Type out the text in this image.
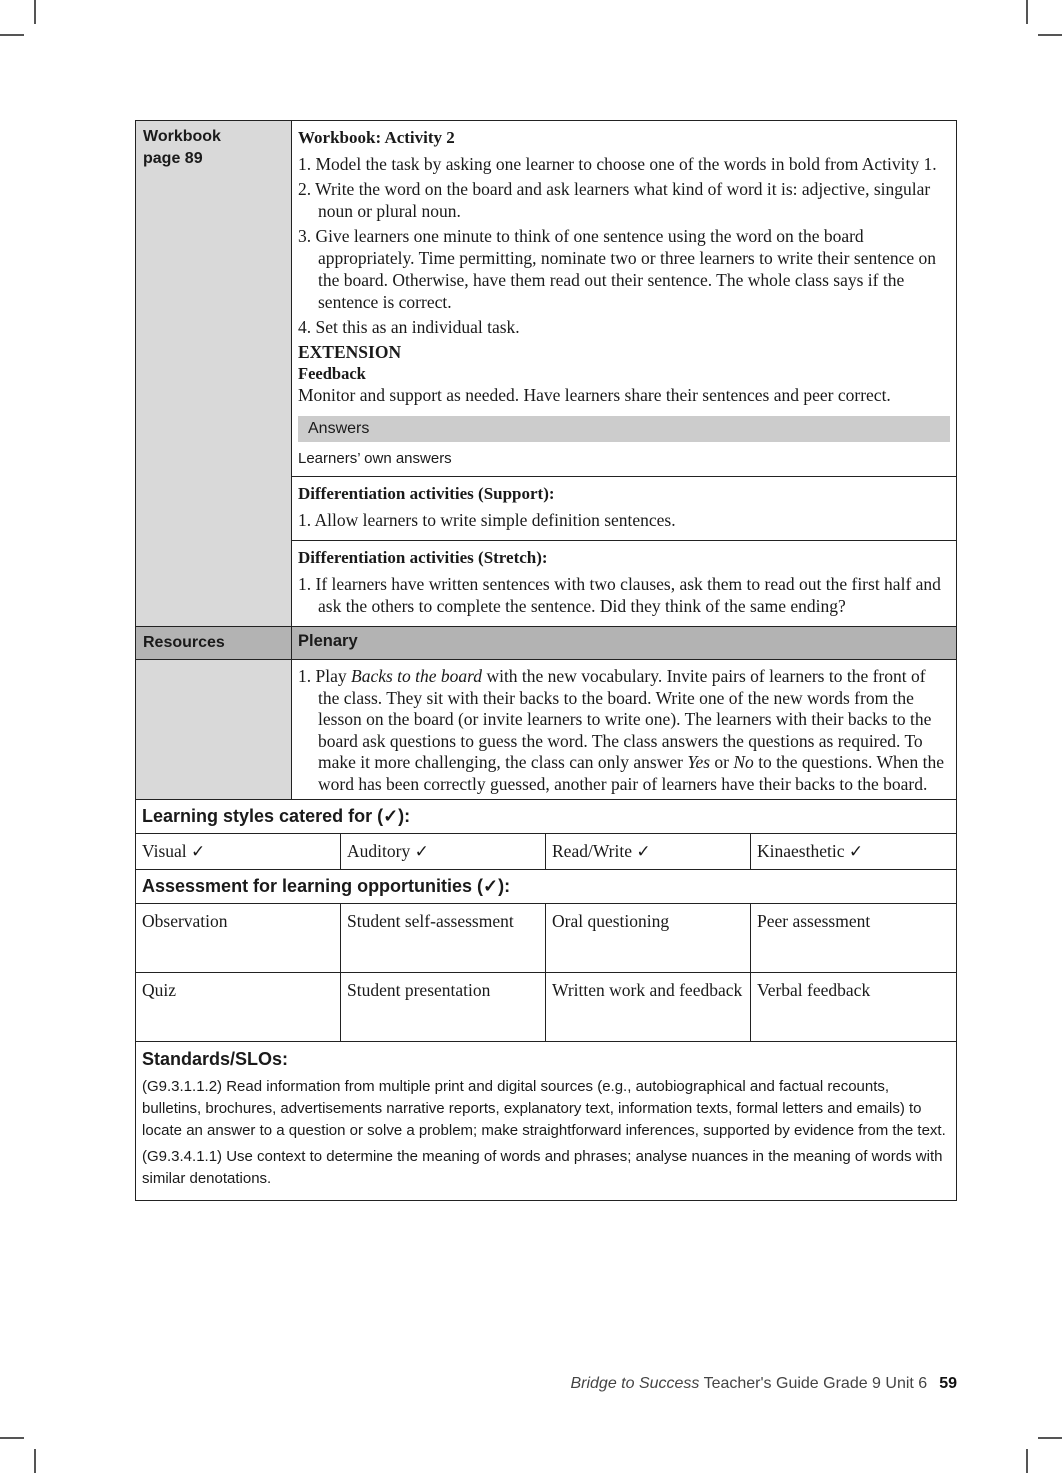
Workbook
page 89

Workbook: Activity 2
1. Model the task by asking one learner to choose one of the words in bold from Activity 1.
2. Write the word on the board and ask learners what kind of word it is: adjective, singular noun or plural noun.
3. Give learners one minute to think of one sentence using the word on the board appropriately. Time permitting, nominate two or three learners to write their sentence on the board. Otherwise, have them read out their sentence. The whole class says if the sentence is correct.
4. Set this as an individual task.
EXTENSION
Feedback
Monitor and support as needed. Have learners share their sentences and peer correct.
Answers
Learners’ own answers

Differentiation activities (Support):
1. Allow learners to write simple definition sentences.

Differentiation activities (Stretch):
1. If learners have written sentences with two clauses, ask them to read out the first half and ask the others to complete the sentence. Did they think of the same ending?

Resources	Plenary			

1. Play Backs to the board with the new vocabulary. Invite pairs of learners to the front of the class. They sit with their backs to the board. Write one of the new words from the lesson on the board (or invite learners to write one). The learners with their backs to the board ask questions to guess the word. The class answers the questions as required. To make it more challenging, the class can only answer Yes or No to the questions. When the word has been correctly guessed, another pair of learners have their backs to the board.

Learning styles catered for (✓):				
Visual ✓		Auditory ✓	Read/Write ✓	Kinaesthetic ✓
Assessment for learning opportunities (✓):				
Observation		Student self-assessment	Oral questioning	Peer assessment
Quiz		Student presentation	Written work and feedback	Verbal feedback

Standards/SLOs:

(G9.3.1.1.2) Read information from multiple print and digital sources (e.g., autobiographical and factual recounts, bulletins, brochures, advertisements narrative reports, explanatory text, information texts, formal letters and emails) to locate an answer to a question or solve a problem; make straightforward inferences, supported by evidence from the text.

(G9.3.4.1.1) Use context to determine the meaning of words and phrases; analyse nuances in the meaning of words with similar denotations.				

Bridge to Success Teacher's Guide Grade 9 Unit 6 59
